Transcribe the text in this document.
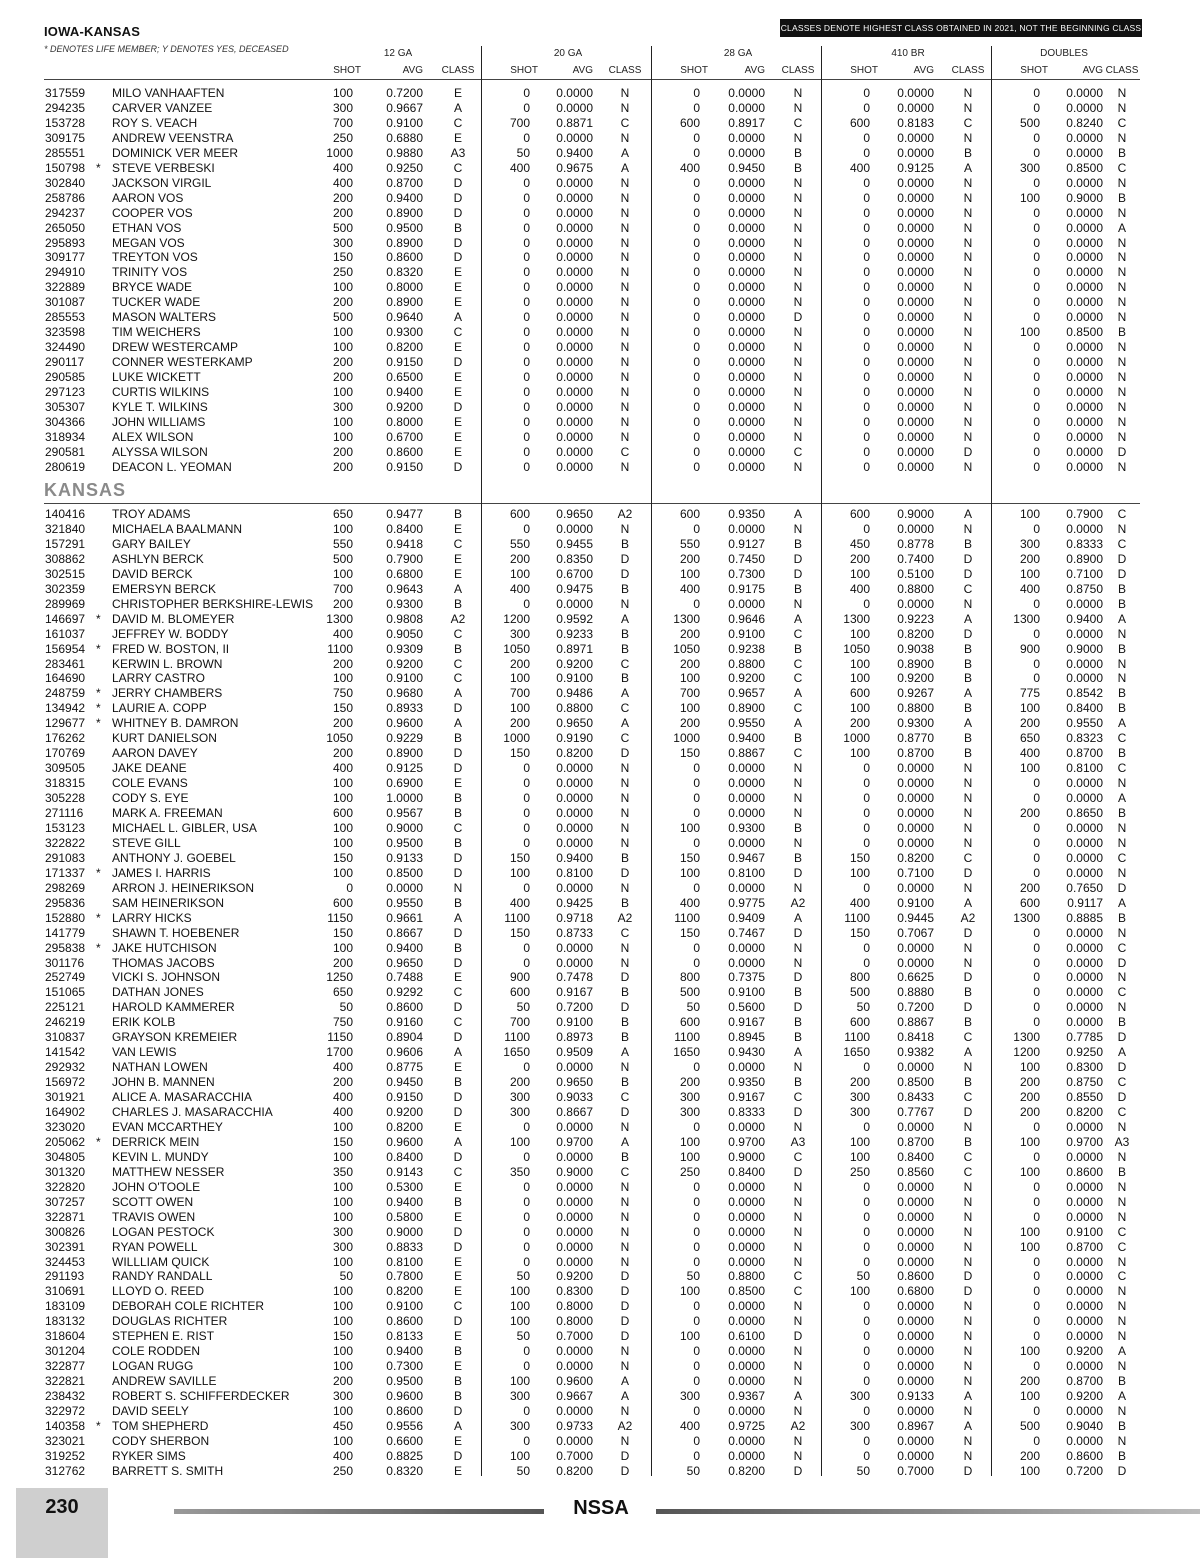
IOWA-KANSAS
* DENOTES LIFE MEMBER; Y DENOTES YES, DECEASED
CLASSES DENOTE HIGHEST CLASS OBTAINED IN 2021, NOT THE BEGINNING CLASS FOR 2022.
12 GA
SHOT	AVG	CLASS
20 GA
SHOT	AVG	CLASS
28 GA
SHOT	AVG	CLASS
410 BR
SHOT	AVG	CLASS
DOUBLES
SHOT	AVG CLASS
317559 MILO VANHAAFTEN	100	0.7200	E	0	0.0000	N	0	0.0000	N	0	0.0000	N	0	0.0000	N
294235 CARVER VANZEE	300	0.9667	A	0	0.0000	N	0	0.0000	N	0	0.0000	N	0	0.0000	N
153728 ROY S. VEACH	700	0.9100	C	700	0.8871	C	600	0.8917	C	600	0.8183	C	500	0.8240	C
309175 ANDREW VEENSTRA	250	0.6880	E	0	0.0000	N	0	0.0000	N	0	0.0000	N	0	0.0000	N
285551 DOMINICK VER MEER	1000	0.9880	A3	50	0.9400	A	0	0.0000	B	0	0.0000	B	0	0.0000	B
150798 * STEVE VERBESKI	400	0.9250	C	400	0.9675	A	400	0.9450	B	400	0.9125	A	300	0.8500	C
302840 JACKSON VIRGIL	400	0.8700	D	0	0.0000	N	0	0.0000	N	0	0.0000	N	0	0.0000	N
258786 AARON VOS	200	0.9400	D	0	0.0000	N	0	0.0000	N	0	0.0000	N	100	0.9000	B
294237 COOPER VOS	200	0.8900	D	0	0.0000	N	0	0.0000	N	0	0.0000	N	0	0.0000	N
265050 ETHAN VOS	500	0.9500	B	0	0.0000	N	0	0.0000	N	0	0.0000	N	0	0.0000	A
295893 MEGAN VOS	300	0.8900	D	0	0.0000	N	0	0.0000	N	0	0.0000	N	0	0.0000	N
309177 TREYTON VOS	150	0.8600	D	0	0.0000	N	0	0.0000	N	0	0.0000	N	0	0.0000	N
294910 TRINITY VOS	250	0.8320	E	0	0.0000	N	0	0.0000	N	0	0.0000	N	0	0.0000	N
322889 BRYCE WADE	100	0.8000	E	0	0.0000	N	0	0.0000	N	0	0.0000	N	0	0.0000	N
301087 TUCKER WADE	200	0.8900	E	0	0.0000	N	0	0.0000	N	0	0.0000	N	0	0.0000	N
285553 MASON WALTERS	500	0.9640	A	0	0.0000	N	0	0.0000	D	0	0.0000	N	0	0.0000	N
323598 TIM WEICHERS	100	0.9300	C	0	0.0000	N	0	0.0000	N	0	0.0000	N	100	0.8500	B
324490 DREW WESTERCAMP	100	0.8200	E	0	0.0000	N	0	0.0000	N	0	0.0000	N	0	0.0000	N
290117 CONNER WESTERKAMP	200	0.9150	D	0	0.0000	N	0	0.0000	N	0	0.0000	N	0	0.0000	N
290585 LUKE WICKETT	200	0.6500	E	0	0.0000	N	0	0.0000	N	0	0.0000	N	0	0.0000	N
297123 CURTIS WILKINS	100	0.9400	E	0	0.0000	N	0	0.0000	N	0	0.0000	N	0	0.0000	N
305307 KYLE T. WILKINS	300	0.9200	D	0	0.0000	N	0	0.0000	N	0	0.0000	N	0	0.0000	N
304366 JOHN WILLIAMS	100	0.8000	E	0	0.0000	N	0	0.0000	N	0	0.0000	N	0	0.0000	N
318934 ALEX WILSON	100	0.6700	E	0	0.0000	N	0	0.0000	N	0	0.0000	N	0	0.0000	N
290581 ALYSSA WILSON	200	0.8600	E	0	0.0000	C	0	0.0000	C	0	0.0000	D	0	0.0000	D
280619 DEACON L. YEOMAN	200	0.9150	D	0	0.0000	N	0	0.0000	N	0	0.0000	N	0	0.0000	N
KANSAS
140416 TROY ADAMS	650	0.9477	B	600	0.9650	A2	600	0.9350	A	600	0.9000	A	100	0.7900	C
321840 MICHAELA BAALMANN	100	0.8400	E	0	0.0000	N	0	0.0000	N	0	0.0000	N	0	0.0000	N
157291 GARY BAILEY	550	0.9418	C	550	0.9455	B	550	0.9127	B	450	0.8778	B	300	0.8333	C
308862 ASHLYN BERCK	500	0.7900	E	200	0.8350	D	200	0.7450	D	200	0.7400	D	200	0.8900	D
302515 DAVID BERCK	100	0.6800	E	100	0.6700	D	100	0.7300	D	100	0.5100	D	100	0.7100	D
302359 EMERSYN BERCK	700	0.9643	A	400	0.9475	B	400	0.9175	B	400	0.8800	C	400	0.8750	B
289969 CHRISTOPHER BERKSHIRE-LEWIS	200	0.9300	B	0	0.0000	N	0	0.0000	N	0	0.0000	N	0	0.0000	B
146697 * DAVID M. BLOMEYER	1300	0.9808	A2	1200	0.9592	A	1300	0.9646	A	1300	0.9223	A	1300	0.9400	A
161037 JEFFREY W. BODDY	400	0.9050	C	300	0.9233	B	200	0.9100	C	100	0.8200	D	0	0.0000	N
156954 * FRED W. BOSTON, II	1100	0.9309	B	1050	0.8971	B	1050	0.9238	B	1050	0.9038	B	900	0.9000	B
283461 KERWIN L. BROWN	200	0.9200	C	200	0.9200	C	200	0.8800	C	100	0.8900	B	0	0.0000	N
164690 LARRY CASTRO	100	0.9100	C	100	0.9100	B	100	0.9200	C	100	0.9200	B	0	0.0000	N
248759 * JERRY CHAMBERS	750	0.9680	A	700	0.9486	A	700	0.9657	A	600	0.9267	A	775	0.8542	B
134942 * LAURIE A. COPP	150	0.8933	D	100	0.8800	C	100	0.8900	C	100	0.8800	B	100	0.8400	B
129677 * WHITNEY B. DAMRON	200	0.9600	A	200	0.9650	A	200	0.9550	A	200	0.9300	A	200	0.9550	A
176262 KURT DANIELSON	1050	0.9229	B	1000	0.9190	C	1000	0.9400	B	1000	0.8770	B	650	0.8323	C
170769 AARON DAVEY	200	0.8900	D	150	0.8200	D	150	0.8867	C	100	0.8700	B	400	0.8700	B
309505 JAKE DEANE	400	0.9125	D	0	0.0000	N	0	0.0000	N	0	0.0000	N	100	0.8100	C
318315 COLE EVANS	100	0.6900	E	0	0.0000	N	0	0.0000	N	0	0.0000	N	0	0.0000	N
305228 CODY S. EYE	100	1.0000	B	0	0.0000	N	0	0.0000	N	0	0.0000	N	0	0.0000	A
271116 MARK A. FREEMAN	600	0.9567	B	0	0.0000	N	0	0.0000	N	0	0.0000	N	200	0.8650	B
153123 MICHAEL L. GIBLER, USA	100	0.9000	C	0	0.0000	N	100	0.9300	B	0	0.0000	N	0	0.0000	N
322822 STEVE GILL	100	0.9500	B	0	0.0000	N	0	0.0000	N	0	0.0000	N	0	0.0000	N
291083 ANTHONY J. GOEBEL	150	0.9133	D	150	0.9400	B	150	0.9467	B	150	0.8200	C	0	0.0000	C
171337 * JAMES I. HARRIS	100	0.8500	D	100	0.8100	D	100	0.8100	D	100	0.7100	D	0	0.0000	N
298269 ARRON J. HEINERIKSON	0	0.0000	N	0	0.0000	N	0	0.0000	N	0	0.0000	N	200	0.7650	D
295836 SAM HEINERIKSON	600	0.9550	B	400	0.9425	B	400	0.9775	A2	400	0.9100	A	600	0.9117	A
152880 * LARRY HICKS	1150	0.9661	A	1100	0.9718	A2	1100	0.9409	A	1100	0.9445	A2	1300	0.8885	B
141779 SHAWN T. HOEBENER	150	0.8667	D	150	0.8733	C	150	0.7467	D	150	0.7067	D	0	0.0000	N
295838 * JAKE HUTCHISON	100	0.9400	B	0	0.0000	N	0	0.0000	N	0	0.0000	N	0	0.0000	C
301176 THOMAS JACOBS	200	0.9650	D	0	0.0000	N	0	0.0000	N	0	0.0000	N	0	0.0000	D
252749 VICKI S. JOHNSON	1250	0.7488	E	900	0.7478	D	800	0.7375	D	800	0.6625	D	0	0.0000	N
151065 DATHAN JONES	650	0.9292	C	600	0.9167	B	500	0.9100	B	500	0.8880	B	0	0.0000	C
225121 HAROLD KAMMERER	50	0.8600	D	50	0.7200	D	50	0.5600	D	50	0.7200	D	0	0.0000	N
246219 ERIK KOLB	750	0.9160	C	700	0.9100	B	600	0.9167	B	600	0.8867	B	0	0.0000	B
310837 GRAYSON KREMEIER	1150	0.8904	D	1100	0.8973	B	1100	0.8945	B	1100	0.8418	C	1300	0.7785	D
141542 VAN LEWIS	1700	0.9606	A	1650	0.9509	A	1650	0.9430	A	1650	0.9382	A	1200	0.9250	A
292932 NATHAN LOWEN	400	0.8775	E	0	0.0000	N	0	0.0000	N	0	0.0000	N	100	0.8300	D
156972 JOHN B. MANNEN	200	0.9450	B	200	0.9650	B	200	0.9350	B	200	0.8500	B	200	0.8750	C
301921 ALICE A. MASARACCHIA	400	0.9150	D	300	0.9033	C	300	0.9167	C	300	0.8433	C	200	0.8550	D
164902 CHARLES J. MASARACCHIA	400	0.9200	D	300	0.8667	D	300	0.8333	D	300	0.7767	D	200	0.8200	C
323020 EVAN MCCARTHEY	100	0.8200	E	0	0.0000	N	0	0.0000	N	0	0.0000	N	0	0.0000	N
205062 * DERRICK MEIN	150	0.9600	A	100	0.9700	A	100	0.9700	A3	100	0.8700	B	100	0.9700 A3
304805 KEVIN L. MUNDY	100	0.8400	D	0	0.0000	B	100	0.9000	C	100	0.8400	C	0	0.0000	N
301320 MATTHEW NESSER	350	0.9143	C	350	0.9000	C	250	0.8400	D	250	0.8560	C	100	0.8600	B
322820 JOHN O'TOOLE	100	0.5300	E	0	0.0000	N	0	0.0000	N	0	0.0000	N	0	0.0000	N
307257 SCOTT OWEN	100	0.9400	B	0	0.0000	N	0	0.0000	N	0	0.0000	N	0	0.0000	N
322871 TRAVIS OWEN	100	0.5800	E	0	0.0000	N	0	0.0000	N	0	0.0000	N	0	0.0000	N
300826 LOGAN PESTOCK	300	0.9000	D	0	0.0000	N	0	0.0000	N	0	0.0000	N	100	0.9100	C
302391 RYAN POWELL	300	0.8833	D	0	0.0000	N	0	0.0000	N	0	0.0000	N	100	0.8700	C
324453 WILLLIAM QUICK	100	0.8100	E	0	0.0000	N	0	0.0000	N	0	0.0000	N	0	0.0000	N
291193 RANDY RANDALL	50	0.7800	E	50	0.9200	D	50	0.8800	C	50	0.8600	D	0	0.0000	C
310691 LLOYD O. REED	100	0.8200	E	100	0.8300	D	100	0.8500	C	100	0.6800	D	0	0.0000	N
183109 DEBORAH COLE RICHTER	100	0.9100	C	100	0.8000	D	0	0.0000	N	0	0.0000	N	0	0.0000	N
183132 DOUGLAS RICHTER	100	0.8600	D	100	0.8000	D	0	0.0000	N	0	0.0000	N	0	0.0000	N
318604 STEPHEN E. RIST	150	0.8133	E	50	0.7000	D	100	0.6100	D	0	0.0000	N	0	0.0000	N
301204 COLE RODDEN	100	0.9400	B	0	0.0000	N	0	0.0000	N	0	0.0000	N	100	0.9200	A
322877 LOGAN RUGG	100	0.7300	E	0	0.0000	N	0	0.0000	N	0	0.0000	N	0	0.0000	N
322821 ANDREW SAVILLE	200	0.9500	B	100	0.9600	A	0	0.0000	N	0	0.0000	N	200	0.8700	B
238432 ROBERT S. SCHIFFERDECKER	300	0.9600	B	300	0.9667	A	300	0.9367	A	300	0.9133	A	100	0.9200	A
322972 DAVID SEELY	100	0.8600	D	0	0.0000	N	0	0.0000	N	0	0.0000	N	0	0.0000	N
140358 * TOM SHEPHERD	450	0.9556	A	300	0.9733	A2	400	0.9725	A2	300	0.8967	A	500	0.9040	B
323021 CODY SHERBON	100	0.6600	E	0	0.0000	N	0	0.0000	N	0	0.0000	N	0	0.0000	N
319252 RYKER SIMS	400	0.8825	D	100	0.7000	D	0	0.0000	N	0	0.0000	N	200	0.8600	B
312762 BARRETT S. SMITH	250	0.8320	E	50	0.8200	D	50	0.8200	D	50	0.7000	D	100	0.7200	D
230	NSSA
